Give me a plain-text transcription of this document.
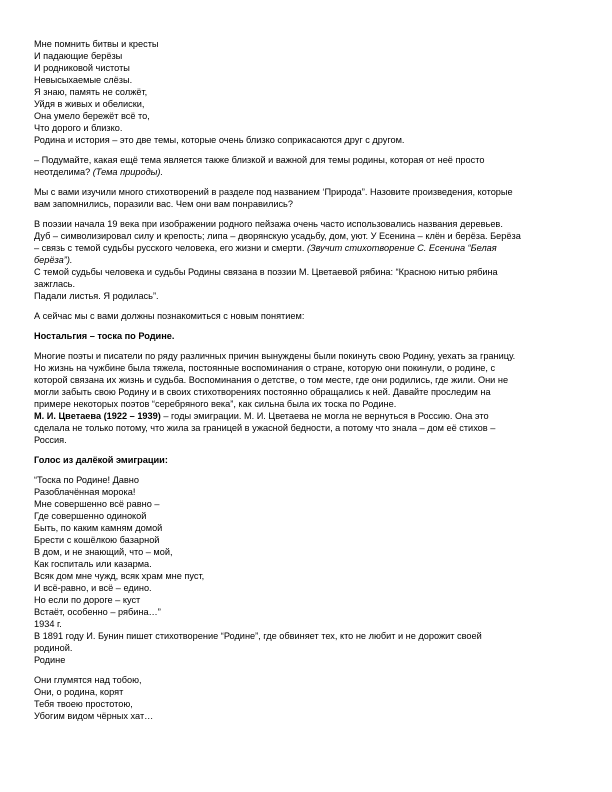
Мне помнить битвы и кресты
И падающие берёзы
И родниковой чистоты
Невысыхаемые слёзы.
Я знаю, память не солжёт,
Уйдя в живых и обелиски,
Она умело бережёт всё то,
Что дорого и близко.
Родина и история – это две темы, которые очень близко соприкасаются друг с другом.
– Подумайте, какая ещё тема является также близкой и важной для темы родины, которая от неё просто
неотделима? (Тема природы).
Мы с вами изучили много стихотворений в разделе под названием ‘Природа”. Назовите произведения, которые
вам запомнились, поразили вас. Чем они вам понравились?
В поэзии начала 19 века при изображении родного пейзажа очень часто использовались названия деревьев.
Дуб – символизировал силу и крепость; липа – дворянскую усадьбу, дом, уют. У Есенина – клён и берёза. Берёза
– связь с темой судьбы русского человека, его жизни и смерти. (Звучит стихотворение С. Есенина “Белая
берёза”).
С темой судьбы человека и судьбы Родины связана в поэзии М. Цветаевой рябина: “Красною нитью рябина
зажглась.
Падали листья. Я родилась”.
А сейчас мы с вами должны познакомиться с новым понятием:
Ностальгия – тоска по Родине.
Многие поэты и писатели по ряду различных причин вынуждены были покинуть свою Родину, уехать за границу.
Но жизнь на чужбине была тяжела, постоянные воспоминания о стране, которую они покинули, о родине, с
которой связана их жизнь и судьба. Воспоминания о детстве, о том месте, где они родились, где жили. Они не
могли забыть свою Родину и в своих стихотворениях постоянно обращались к ней. Давайте проследим на
примере некоторых поэтов “серебряного века”, как сильна была их тоска по Родине.
М. И. Цветаева (1922 – 1939) – годы эмиграции. М. И. Цветаева не могла не вернуться в Россию. Она это
сделала не только потому, что жила за границей в ужасной бедности, а потому что знала – дом её стихов –
Россия.
Голос из далёкой эмиграции:
“Тоска по Родине! Давно
Разоблачённая морока!
Мне совершенно всё равно –
Где совершенно одинокой
Быть, по каким камням домой
Брести с кошёлкою базарной
В дом, и не знающий, что – мой,
Как госпиталь или казарма.
Всяк дом мне чужд, всяк храм мне пуст,
И всё-равно, и всё – едино.
Но если по дороге – куст
Встаёт, особенно – рябина…”
1934 г.
В 1891 году И. Бунин пишет стихотворение “Родине”, где обвиняет тех, кто не любит и не дорожит своей
родиной.
Родине
Они глумятся над тобою,
Они, о родина, корят
Тебя твоею простотою,
Убогим видом чёрных хат…
